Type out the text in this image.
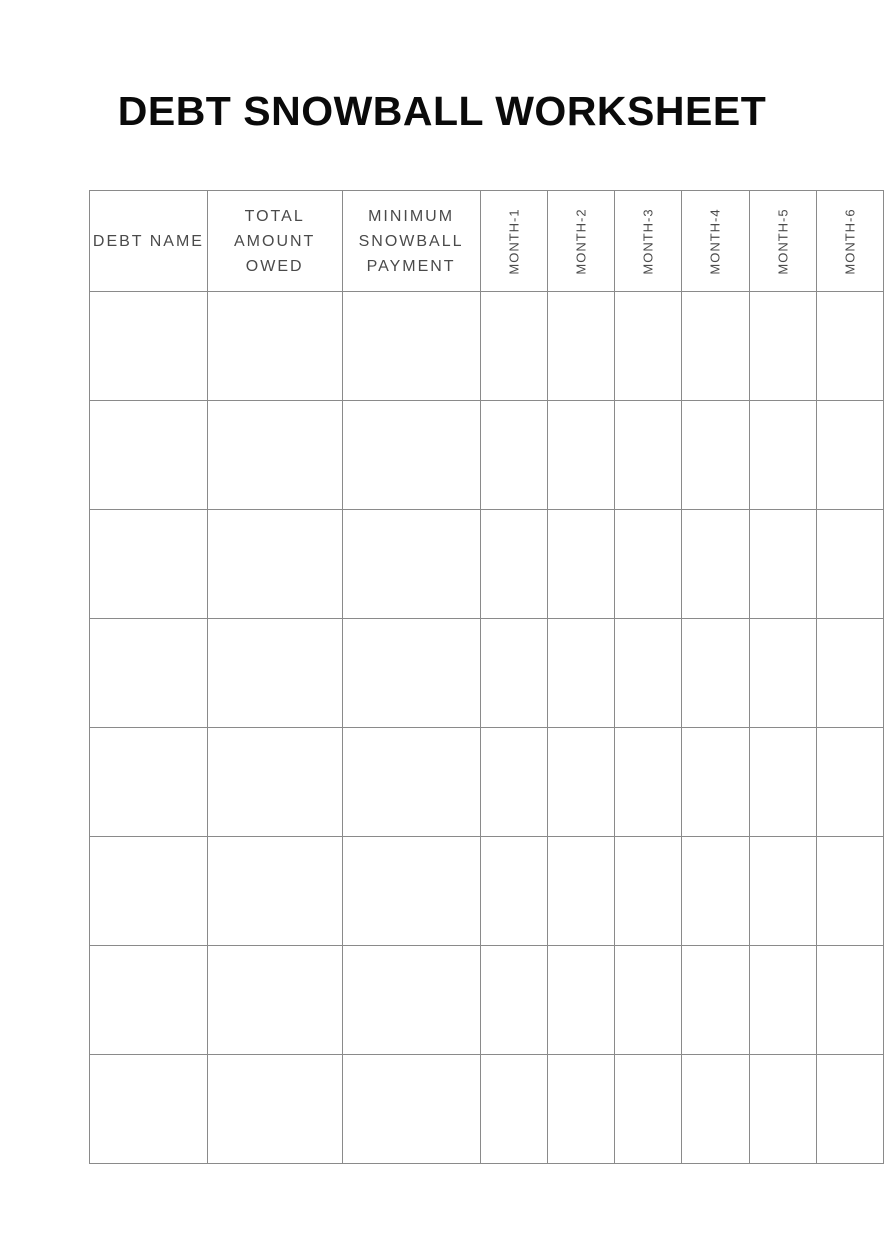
DEBT SNOWBALL WORKSHEET
DEBT NAME	TOTAL
AMOUNT
OWED	MINIMUM
SNOWBALL
PAYMENT	MONTH-1	MONTH-2	MONTH-3	MONTH-4	MONTH-5	MONTH-6
